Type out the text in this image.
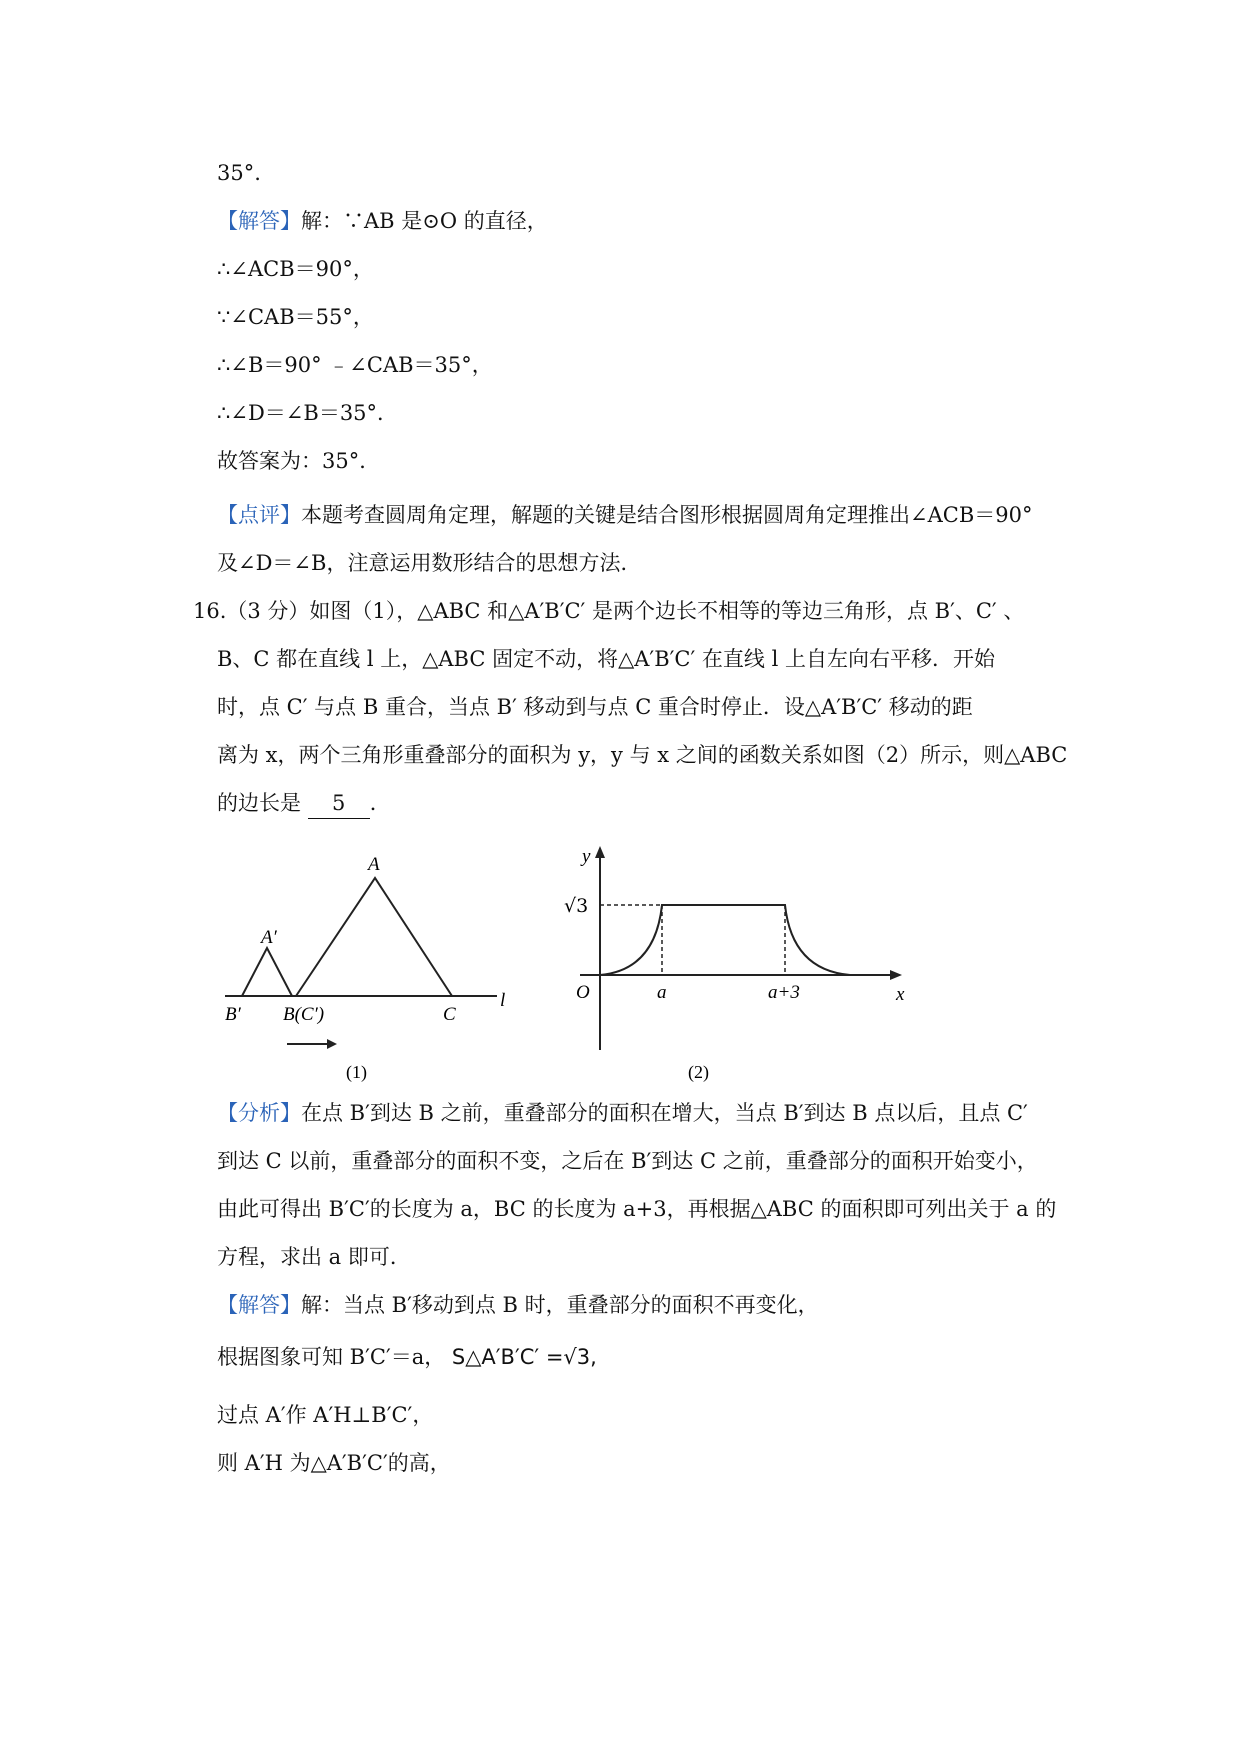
35°.
【解答】解：∵AB 是⊙O 的直径，
∴∠ACB＝90°，
∵∠CAB＝55°，
∴∠B＝90° ﹣∠CAB＝35°，
∴∠D＝∠B＝35°．
故答案为：35°．
【点评】本题考查圆周角定理，解题的关键是结合图形根据圆周角定理推出∠ACB＝90°
及∠D＝∠B，注意运用数形结合的思想方法．
16.（3 分）如图（1），△ABC 和△A′B′C′ 是两个边长不相等的等边三角形，点 B′、C′ 、
B、C 都在直线 l 上，△ABC 固定不动，将△A′B′C′ 在直线 l 上自左向右平移．开始
时，点 C′ 与点 B 重合，当点 B′ 移动到与点 C 重合时停止．设△A′B′C′ 移动的距
离为 x，两个三角形重叠部分的面积为 y，y 与 x 之间的函数关系如图（2）所示，则△ABC
的边长是 5 ．
A
A′
B′ B(C′)	C
l
(1)
y
x
O
√3
a	a+3
(2)
【分析】在点 B′到达 B 之前，重叠部分的面积在增大，当点 B′到达 B 点以后，且点 C′
到达 C 以前，重叠部分的面积不变，之后在 B′到达 C 之前，重叠部分的面积开始变小，
由此可得出 B′C′的长度为 a，BC 的长度为 a+3，再根据△ABC 的面积即可列出关于 a 的
方程，求出 a 即可．
【解答】解：当点 B′移动到点 B 时，重叠部分的面积不再变化，
根据图象可知 B′C′＝a， S△A′B′C′ =√3,
过点 A′作 A′H⊥B′C′，
则 A′H 为△A′B′C′的高，
